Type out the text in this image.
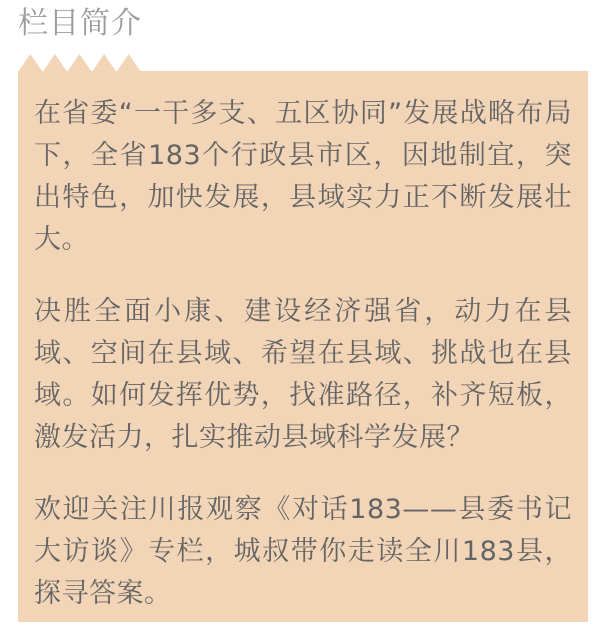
栏目简介

在省委“一干多支、五区协同”发展战略布局下，全省183个行政县市区，因地制宜，突出特色，加快发展，县域实力正不断发展壮大。

决胜全面小康、建设经济强省，动力在县域、空间在县域、希望在县域、挑战也在县域。如何发挥优势，找准路径，补齐短板，激发活力，扎实推动县域科学发展？

欢迎关注川报观察《对话183——县委书记大访谈》专栏，城叔带你走读全川183县，探寻答案。
